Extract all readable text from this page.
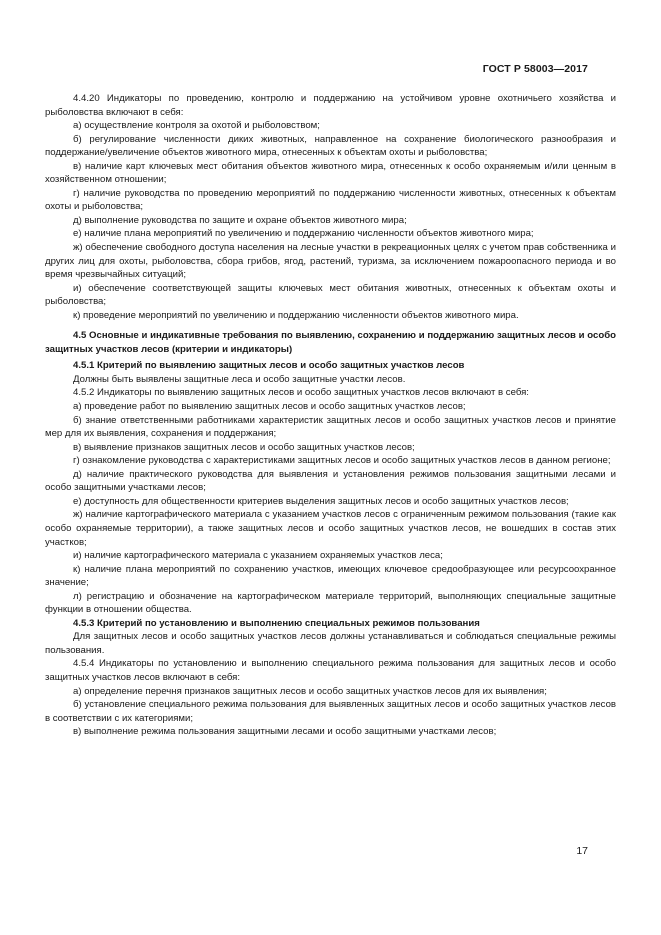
ГОСТ Р 58003—2017

4.4.20 Индикаторы по проведению, контролю и поддержанию на устойчивом уровне охотничьего хозяйства и рыболовства включают в себя:

а) осуществление контроля за охотой и рыболовством;

б) регулирование численности диких животных, направленное на сохранение биологического разнообразия и поддержание/увеличение объектов животного мира, отнесенных к объектам охоты и рыболовства;

в) наличие карт ключевых мест обитания объектов животного мира, отнесенных к особо охраняемым и/или ценным в хозяйственном отношении;

г) наличие руководства по проведению мероприятий по поддержанию численности животных, отнесенных к объектам охоты и рыболовства;

д) выполнение руководства по защите и охране объектов животного мира;

е) наличие плана мероприятий по увеличению и поддержанию численности объектов животного мира;

ж) обеспечение свободного доступа населения на лесные участки в рекреационных целях с учетом прав собственника и других лиц для охоты, рыболовства, сбора грибов, ягод, растений, туризма, за исключением пожароопасного периода и во время чрезвычайных ситуаций;

и) обеспечение соответствующей защиты ключевых мест обитания животных, отнесенных к объектам охоты и рыболовства;

к) проведение мероприятий по увеличению и поддержанию численности объектов животного мира.

4.5 Основные и индикативные требования по выявлению, сохранению и поддержанию защитных лесов и особо защитных участков лесов (критерии и индикаторы)

4.5.1 Критерий по выявлению защитных лесов и особо защитных участков лесов

Должны быть выявлены защитные леса и особо защитные участки лесов.

4.5.2 Индикаторы по выявлению защитных лесов и особо защитных участков лесов включают в себя:

а) проведение работ по выявлению защитных лесов и особо защитных участков лесов;

б) знание ответственными работниками характеристик защитных лесов и особо защитных участков лесов и принятие мер для их выявления, сохранения и поддержания;

в) выявление признаков защитных лесов и особо защитных участков лесов;

г) ознакомление руководства с характеристиками защитных лесов и особо защитных участков лесов в данном регионе;

д) наличие практического руководства для выявления и установления режимов пользования защитными лесами и особо защитными участками лесов;

е) доступность для общественности критериев выделения защитных лесов и особо защитных участков лесов;

ж) наличие картографического материала с указанием участков лесов с ограниченным режимом пользования (такие как особо охраняемые территории), а также защитных лесов и особо защитных участков лесов, не вошедших в состав этих участков;

и) наличие картографического материала с указанием охраняемых участков леса;

к) наличие плана мероприятий по сохранению участков, имеющих ключевое средообразующее или ресурсоохранное значение;

л) регистрацию и обозначение на картографическом материале территорий, выполняющих специальные защитные функции в отношении общества.

4.5.3 Критерий по установлению и выполнению специальных режимов пользования

Для защитных лесов и особо защитных участков лесов должны устанавливаться и соблюдаться специальные режимы пользования.

4.5.4 Индикаторы по установлению и выполнению специального режима пользования для защитных лесов и особо защитных участков лесов включают в себя:

а) определение перечня признаков защитных лесов и особо защитных участков лесов для их выявления;

б) установление специального режима пользования для выявленных защитных лесов и особо защитных участков лесов в соответствии с их категориями;

в) выполнение режима пользования защитными лесами и особо защитными участками лесов;

17
